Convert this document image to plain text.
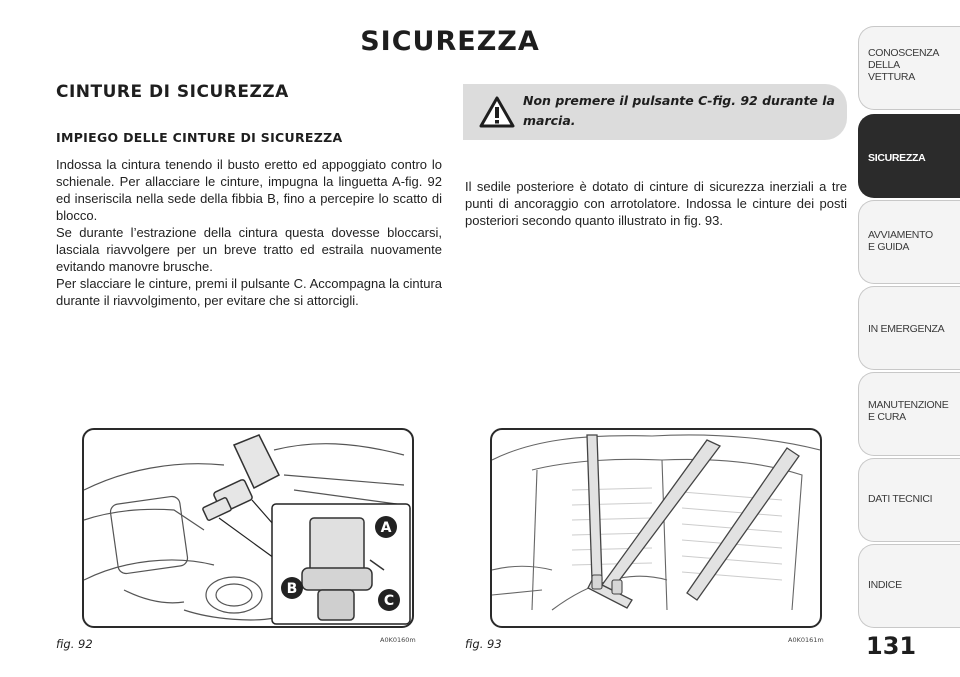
SICUREZZA
CINTURE DI SICUREZZA
IMPIEGO DELLE CINTURE DI SICUREZZA

Indossa la cintura tenendo il busto eretto ed appoggiato contro lo schienale. Per allacciare le cinture, impugna la linguetta A-fig. 92 ed inseriscila nella sede della fibbia B, fino a percepire lo scatto di blocco.

Se durante l’estrazione della cintura questa dovesse bloccarsi, lasciala riavvolgere per un breve tratto ed estraila nuovamente evitando manovre brusche.

Per slacciare le cinture, premi il pulsante C. Accompagna la cintura durante il riavvolgimento, per evitare che si attorcigli.

Non premere il pulsante C-fig. 92 durante la marcia.

Il sedile posteriore è dotato di cinture di sicurezza inerziali a tre punti di ancoraggio con arrotolatore. Indossa le cinture dei posti posteriori secondo quanto illustrato in fig. 93.

A
B
C
fig. 92	A0K0160m	fig. 93	A0K0161m 131
CONOSCENZA
DELLA
VETTURA
SICUREZZA
AVVIAMENTO
E GUIDA
IN EMERGENZA
MANUTENZIONE
E CURA
DATI TECNICI
INDICE
